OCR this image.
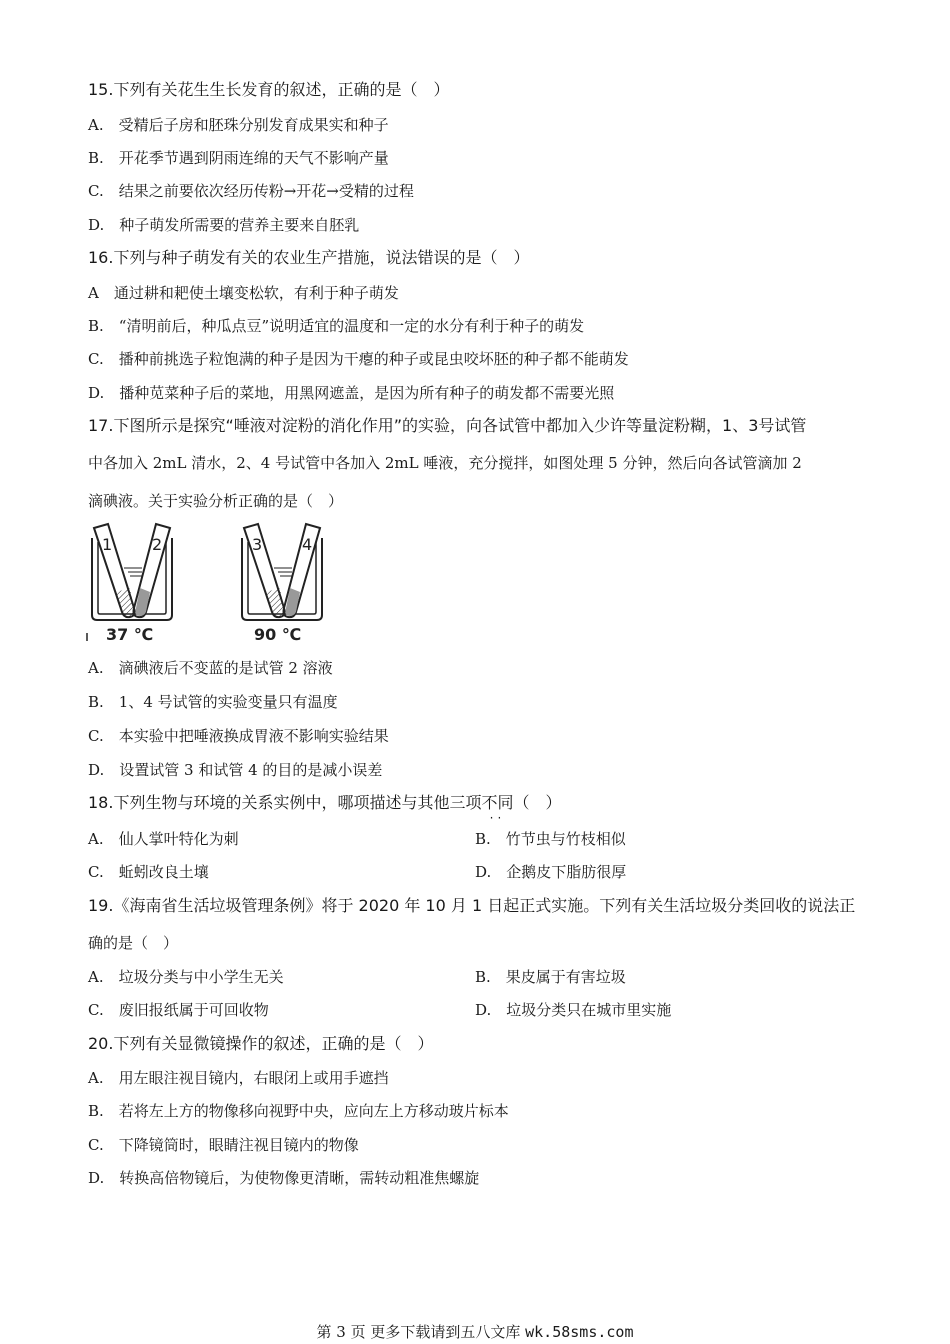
15.下列有关花生生长发育的叙述，正确的是（　）
A.　受精后子房和胚珠分别发育成果实和种子
B.　开花季节遇到阴雨连绵的天气不影响产量
C.　结果之前要依次经历传粉→开花→受精的过程
D.　种子萌发所需要的营养主要来自胚乳
16.下列与种子萌发有关的农业生产措施，说法错误的是（　）
A　通过耕和耙使土壤变松软，有利于种子萌发
B.　“清明前后，种瓜点豆”说明适宜的温度和一定的水分有利于种子的萌发
C.　播种前挑选子粒饱满的种子是因为干瘪的种子或昆虫咬坏胚的种子都不能萌发
D.　播种苋菜种子后的菜地，用黑网遮盖，是因为所有种子的萌发都不需要光照
17.下图所示是探究“唾液对淀粉的消化作用”的实验，向各试管中都加入少许等量淀粉糊，1、3号试管
中各加入 2mL 清水，2、4 号试管中各加入 2mL 唾液，充分搅拌，如图处理 5 分钟，然后向各试管滴加 2
滴碘液。关于实验分析正确的是（　）
1 2
37 ℃
3 4
90 ℃
A.　滴碘液后不变蓝的是试管 2 溶液
B.　1、4 号试管的实验变量只有温度
C.　本实验中把唾液换成胃液不影响实验结果
D.　设置试管 3 和试管 4 的目的是减小误差
18.下列生物与环境的关系实例中，哪项描述与其他三项不同
··
（　）
A.　仙人掌叶特化为刺	B.　竹节虫与竹枝相似
C.　蚯蚓改良土壤	D.　企鹅皮下脂肪很厚
19.《海南省生活垃圾管理条例》将于 2020 年 10 月 1 日起正式实施。下列有关生活垃圾分类回收的说法正
确的是（　）
A.　垃圾分类与中小学生无关	B.　果皮属于有害垃圾
C.　废旧报纸属于可回收物	D.　垃圾分类只在城市里实施
20.下列有关显微镜操作的叙述，正确的是（　）
A.　用左眼注视目镜内，右眼闭上或用手遮挡
B.　若将左上方的物像移向视野中央，应向左上方移动玻片标本
C.　下降镜筒时，眼睛注视目镜内的物像
D.　转换高倍物镜后，为使物像更清晰，需转动粗准焦螺旋
第 3 页 更多下载请到五八文库 wk.58sms.com
